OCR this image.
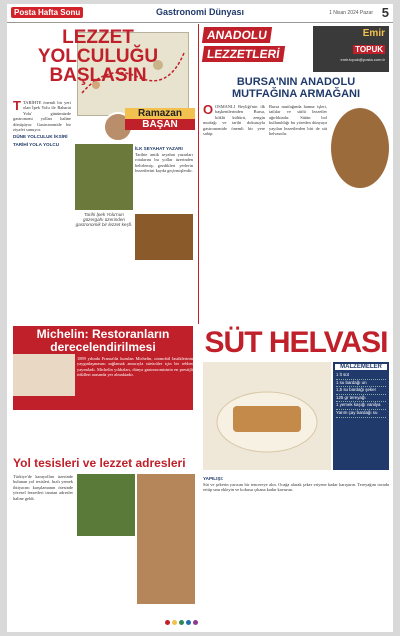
Posta Hafta Sonu	Gastronomi Dünyası	1 Nisan 2024 Pazar 5
LEZZET
YOLCULUĞU
BAŞLASIN
Ramazan
BAŞAN
TTARİHTE önemli bir yeri olan İpek Yolu ile Baharat Yolu' günümüzde gastronomi yolları haline dönüşüyor. Gastronomide bir ziyafet sunuyor.
DÜNE YOLCULUK İKSİRİ
TARİHİ YOLA YOLCU
Tarihi İpek Yolu'nun güzergahı üzerinden gastronomik bir lezzet keşfi.
İLK SEYAHAT YAZARI
Tarihte antik seyahat yazarları rotalarını bu yollar üzerinden belirlemiş; gezdikleri yerlerin lezzetlerini kayda geçirmişlerdir.
ANADOLU
LEZZETLERİ
Emir
TOPUK
emir.topuk@posta.com.tr
BURSA'NIN ANADOLU
MUTFAĞINA ARMAĞANI
OOSMANLI Beyliği'nin ilk başkentlerinden Bursa, köklü kültürü, zengin mutfağı ve tarihi dokusuyla gastronomide önemli bir yere sahip.
Bursa mutfağında hamur işleri, tatlılar ve sütlü lezzetler ağırlıktadır. Sütün bol kullanıldığı bu yöreden dünyaya yayılan lezzetlerden biri de süt helvasıdır.
Michelin: Restoranların
derecelendirilmesi
1889 yılında Fransa'da kurulan Michelin, otomobil lastiklerinin yaygınlaşmasını sağlamak amacıyla sürücüler için bir rehber yayımladı. Michelin yıldızları, dünya gastronomisinin en prestijli ödülleri arasında yer almaktadır.
SÜT HELVASI
MALZEMELER
1 lt süt
1 su bardağı un
1,5 su bardağı şeker
125 gr tereyağı
1 yemek kaşığı vanilya
Yarım çay bardağı su
YAPILIŞI:
Süt ve şekerin yarısını bir tencereye alın. Ocağa alarak şeker eriyene kadar karıştırın. Tereyağını tavada eritip unu ekleyin ve kokusu çıkana kadar kavurun.
Yol tesisleri ve lezzet adresleri
Türkiye'de karayolları üzerinde bulunan yol tesisleri, hızlı yemek ihtiyacını karşılamanın ötesinde yöresel lezzetleri tanıtan adresler haline geldi.
